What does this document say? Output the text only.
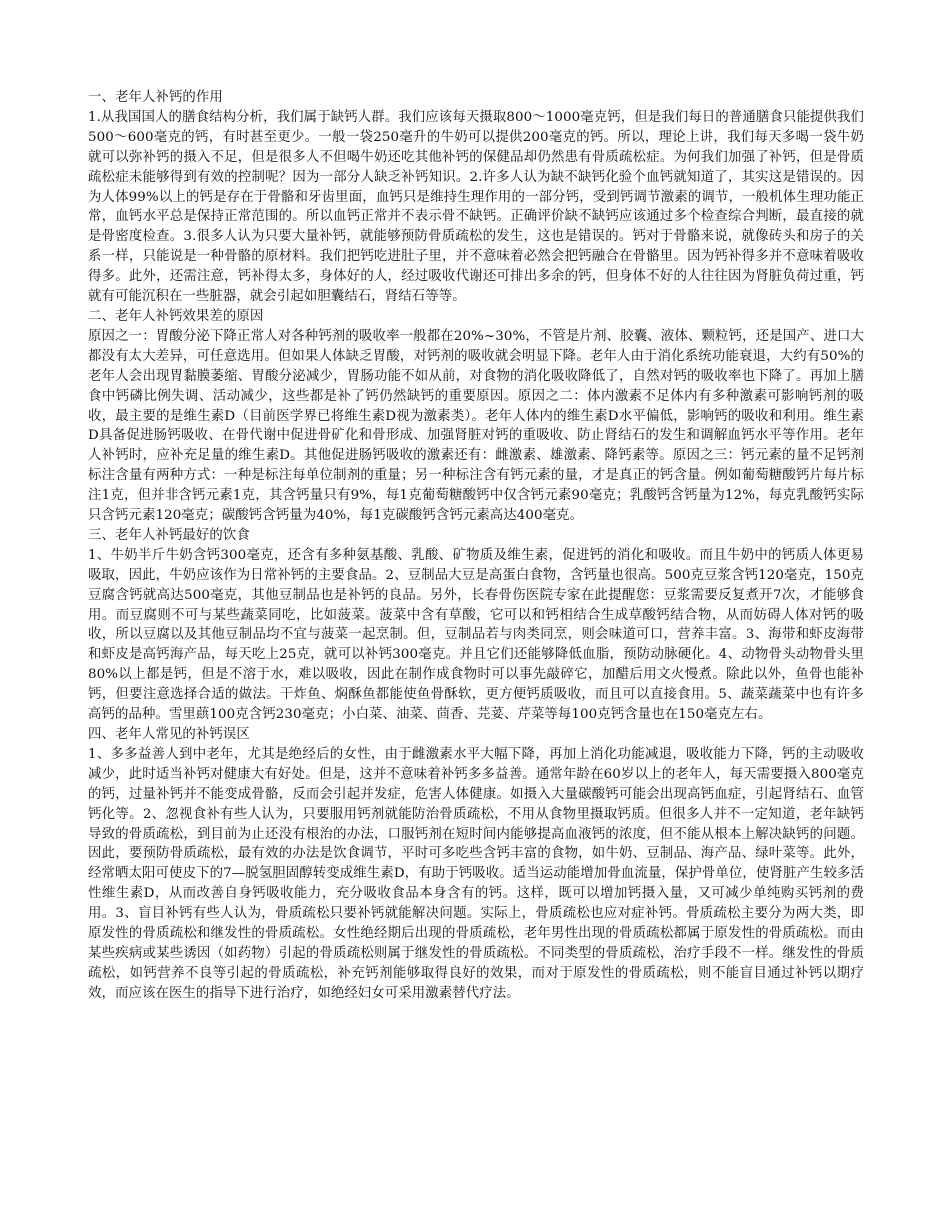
一、老年人补钙的作用

1.从我国国人的膳食结构分析，我们属于缺钙人群。我们应该每天摄取800～1000毫克钙，但是我们每日的普通膳食只能提供我们500～600毫克的钙，有时甚至更少。一般一袋250毫升的牛奶可以提供200毫克的钙。所以，理论上讲，我们每天多喝一袋牛奶就可以弥补钙的摄入不足，但是很多人不但喝牛奶还吃其他补钙的保健品却仍然患有骨质疏松症。为何我们加强了补钙，但是骨质疏松症未能够得到有效的控制呢？因为一部分人缺乏补钙知识。2.许多人认为缺不缺钙化验个血钙就知道了，其实这是错误的。因为人体99%以上的钙是存在于骨骼和牙齿里面，血钙只是维持生理作用的一部分钙，受到钙调节激素的调节，一般机体生理功能正常，血钙水平总是保持正常范围的。所以血钙正常并不表示骨不缺钙。正确评价缺不缺钙应该通过多个检查综合判断，最直接的就是骨密度检查。3.很多人认为只要大量补钙，就能够预防骨质疏松的发生，这也是错误的。钙对于骨骼来说，就像砖头和房子的关系一样，只能说是一种骨骼的原材料。我们把钙吃进肚子里，并不意味着必然会把钙融合在骨骼里。因为钙补得多并不意味着吸收得多。此外，还需注意，钙补得太多，身体好的人，经过吸收代谢还可排出多余的钙，但身体不好的人往往因为肾脏负荷过重，钙就有可能沉积在一些脏器，就会引起如胆囊结石，肾结石等等。

二、老年人补钙效果差的原因

原因之一：胃酸分泌下降正常人对各种钙剂的吸收率一般都在20%~30%，不管是片剂、胶囊、液体、颗粒钙，还是国产、进口大都没有太大差异，可任意选用。但如果人体缺乏胃酸，对钙剂的吸收就会明显下降。老年人由于消化系统功能衰退，大约有50%的老年人会出现胃黏膜萎缩、胃酸分泌减少，胃肠功能不如从前，对食物的消化吸收降低了，自然对钙的吸收率也下降了。再加上膳食中钙磷比例失调、活动减少，这些都是补了钙仍然缺钙的重要原因。原因之二：体内激素不足体内有多种激素可影响钙剂的吸收，最主要的是维生素D（目前医学界已将维生素D视为激素类）。老年人体内的维生素D水平偏低，影响钙的吸收和利用。维生素D具备促进肠钙吸收、在骨代谢中促进骨矿化和骨形成、加强肾脏对钙的重吸收、防止肾结石的发生和调解血钙水平等作用。老年人补钙时，应补充足量的维生素D。其他促进肠钙吸收的激素还有：雌激素、雄激素、降钙素等。原因之三：钙元素的量不足钙剂标注含量有两种方式：一种是标注每单位制剂的重量；另一种标注含有钙元素的量，才是真正的钙含量。例如葡萄糖酸钙片每片标注1克，但并非含钙元素1克，其含钙量只有9%，每1克葡萄糖酸钙中仅含钙元素90毫克；乳酸钙含钙量为12%，每克乳酸钙实际只含钙元素120毫克；碳酸钙含钙量为40%，每1克碳酸钙含钙元素高达400毫克。

三、老年人补钙最好的饮食

1、牛奶半斤牛奶含钙300毫克，还含有多种氨基酸、乳酸、矿物质及维生素，促进钙的消化和吸收。而且牛奶中的钙质人体更易吸取，因此，牛奶应该作为日常补钙的主要食品。2、豆制品大豆是高蛋白食物，含钙量也很高。500克豆浆含钙120毫克，150克豆腐含钙就高达500毫克，其他豆制品也是补钙的良品。另外，长春骨伤医院专家在此提醒您：豆浆需要反复煮开7次，才能够食用。而豆腐则不可与某些蔬菜同吃，比如菠菜。菠菜中含有草酸，它可以和钙相结合生成草酸钙结合物，从而妨碍人体对钙的吸收，所以豆腐以及其他豆制品均不宜与菠菜一起烹制。但，豆制品若与肉类同烹，则会味道可口，营养丰富。3、海带和虾皮海带和虾皮是高钙海产品，每天吃上25克，就可以补钙300毫克。并且它们还能够降低血脂，预防动脉硬化。4、动物骨头动物骨头里80%以上都是钙，但是不溶于水，难以吸收，因此在制作成食物时可以事先敲碎它，加醋后用文火慢煮。除此以外，鱼骨也能补钙，但要注意选择合适的做法。干炸鱼、焖酥鱼都能使鱼骨酥软，更方便钙质吸收，而且可以直接食用。5、蔬菜蔬菜中也有许多高钙的品种。雪里蕻100克含钙230毫克；小白菜、油菜、茴香、芫荽、芹菜等每100克钙含量也在150毫克左右。

四、老年人常见的补钙误区

1、多多益善人到中老年，尤其是绝经后的女性，由于雌激素水平大幅下降，再加上消化功能减退，吸收能力下降，钙的主动吸收减少，此时适当补钙对健康大有好处。但是，这并不意味着补钙多多益善。通常年龄在60岁以上的老年人，每天需要摄入800毫克的钙，过量补钙并不能变成骨骼，反而会引起并发症，危害人体健康。如摄入大量碳酸钙可能会出现高钙血症，引起肾结石、血管钙化等。2、忽视食补有些人认为，只要服用钙剂就能防治骨质疏松，不用从食物里摄取钙质。但很多人并不一定知道，老年缺钙导致的骨质疏松，到目前为止还没有根治的办法，口服钙剂在短时间内能够提高血液钙的浓度，但不能从根本上解决缺钙的问题。因此，要预防骨质疏松，最有效的办法是饮食调节，平时可多吃些含钙丰富的食物，如牛奶、豆制品、海产品、绿叶菜等。此外，经常晒太阳可使皮下的7—脱氢胆固醇转变成维生素D，有助于钙吸收。适当运动能增加骨血流量，保护骨单位，使肾脏产生较多活性维生素D，从而改善自身钙吸收能力，充分吸收食品本身含有的钙。这样，既可以增加钙摄入量，又可减少单纯购买钙剂的费用。3、盲目补钙有些人认为，骨质疏松只要补钙就能解决问题。实际上，骨质疏松也应对症补钙。骨质疏松主要分为两大类，即原发性的骨质疏松和继发性的骨质疏松。女性绝经期后出现的骨质疏松，老年男性出现的骨质疏松都属于原发性的骨质疏松。而由某些疾病或某些诱因（如药物）引起的骨质疏松则属于继发性的骨质疏松。不同类型的骨质疏松，治疗手段不一样。继发性的骨质疏松，如钙营养不良等引起的骨质疏松，补充钙剂能够取得良好的效果，而对于原发性的骨质疏松，则不能盲目通过补钙以期疗效，而应该在医生的指导下进行治疗，如绝经妇女可采用激素替代疗法。
